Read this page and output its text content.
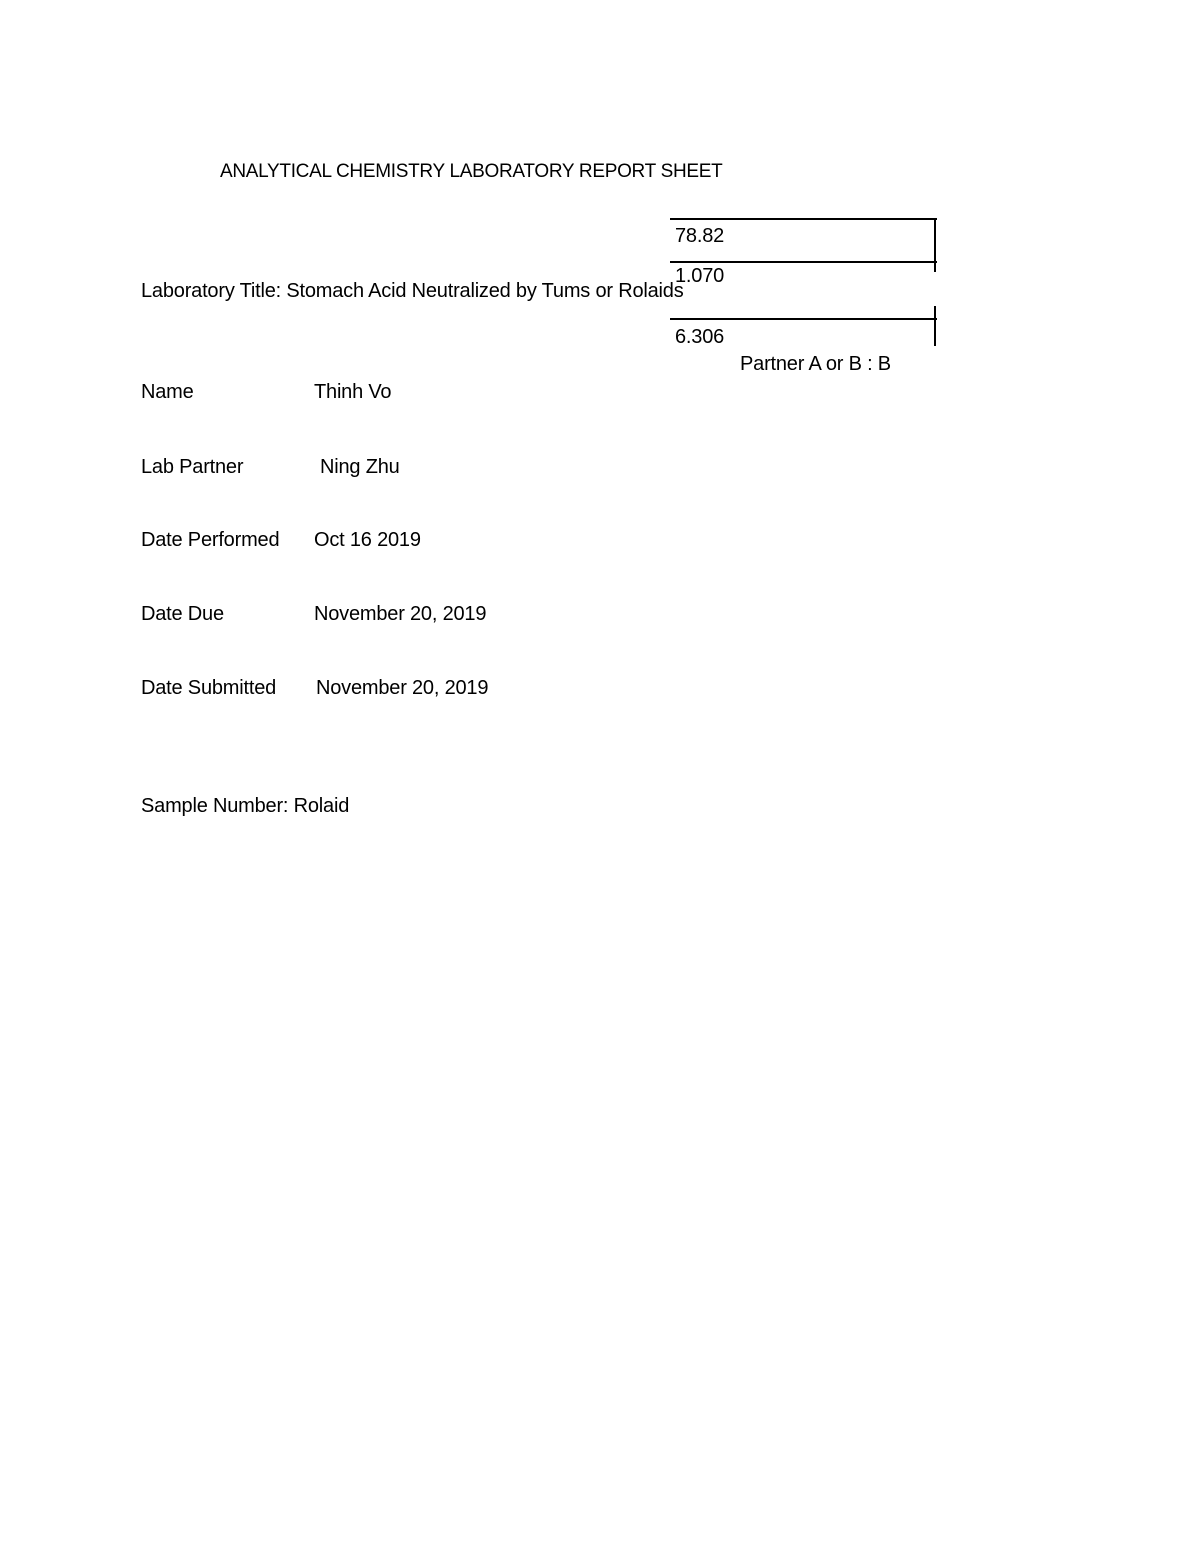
ANALYTICAL CHEMISTRY LABORATORY REPORT SHEET
78.82
1.070
6.306
Laboratory Title: Stomach Acid Neutralized by Tums or Rolaids
Partner A or B : B
Name	Thinh Vo
Lab Partner	Ning Zhu
Date Performed Oct 16 2019
Date Due	November 20, 2019
Date Submitted November 20, 2019
Sample Number: Rolaid
